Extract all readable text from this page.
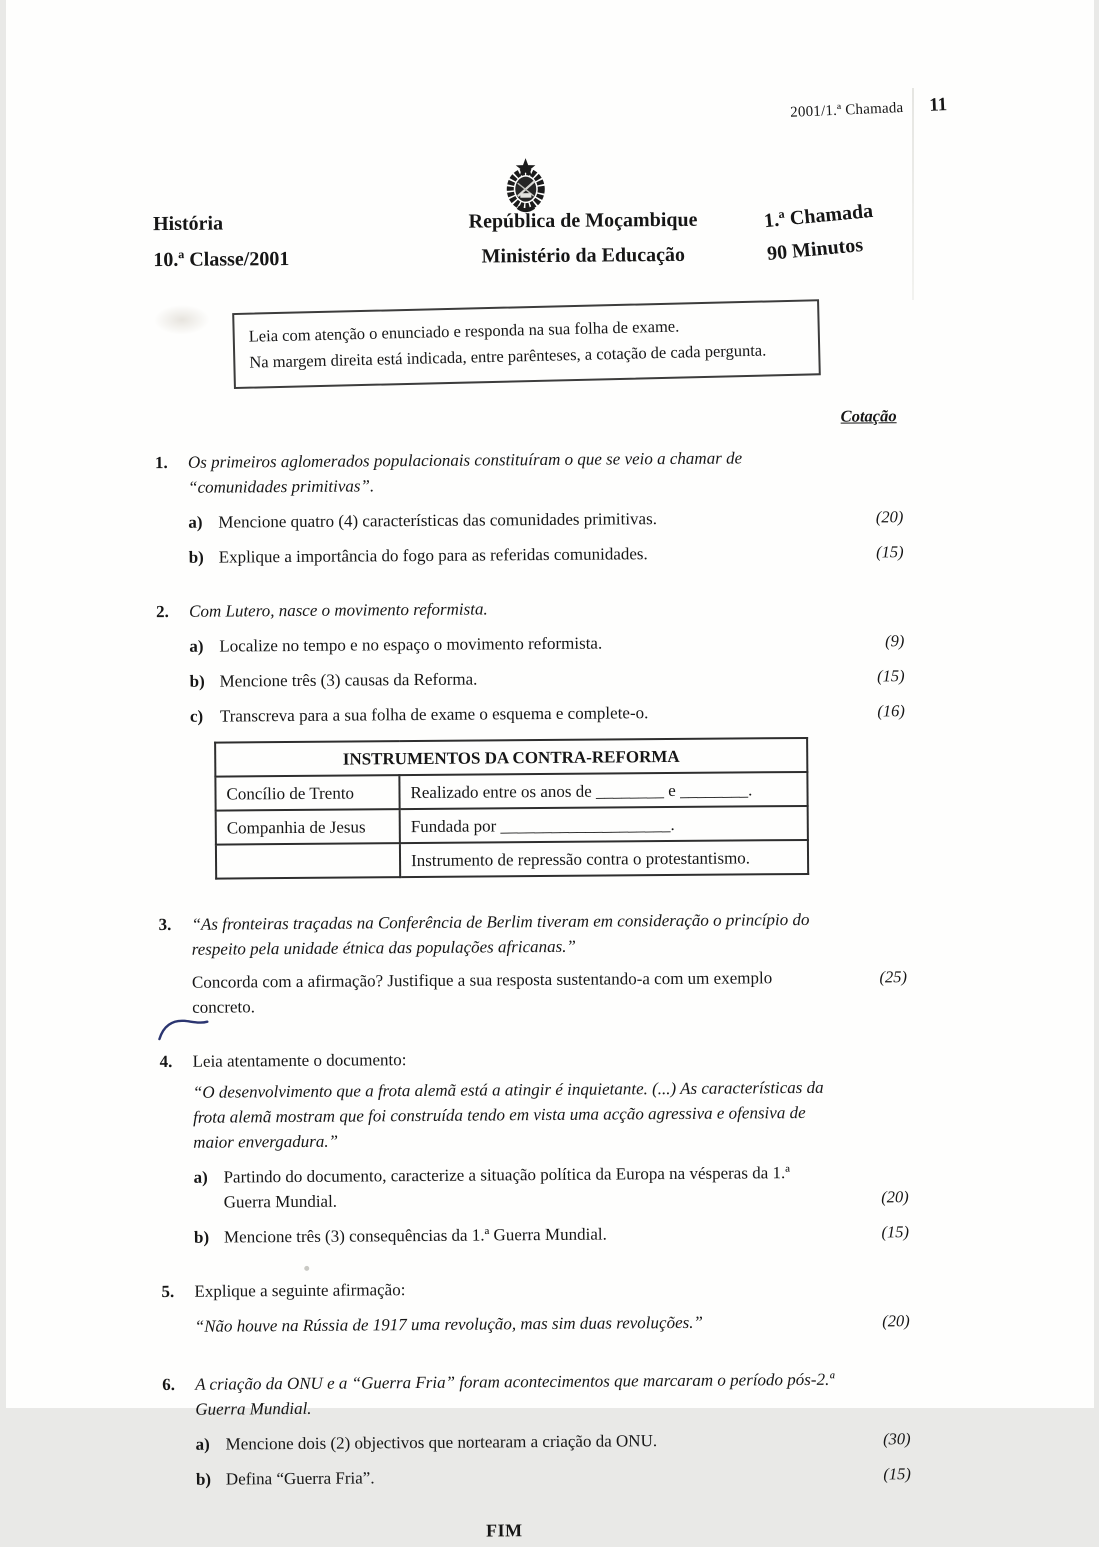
2001/1.ª Chamada 11
História
10.ª Classe/2001
República de Moçambique
Ministério da Educação
1.ª Chamada
90 Minutos
Leia com atenção o enunciado e responda na sua folha de exame.
Na margem direita está indicada, entre parênteses, a cotação de cada pergunta.
Cotação
1.	Os primeiros aglomerados populacionais constituíram o que se veio a chamar de “comunidades primitivas”.

a) Mencione quatro (4) características das comunidades primitivas.	(20)
b) Explique a importância do fogo para as referidas comunidades.	(15)
2.	Com Lutero, nasce o movimento reformista.

a) Localize no tempo e no espaço o movimento reformista.	(9)
b) Mencione três (3) causas da Reforma.	(15)
c) Transcreva para a sua folha de exame o esquema e complete-o.	(16)
INSTRUMENTOS DA CONTRA-REFORMA	
Concílio de Trento	Realizado entre os anos de ________ e ________.
Companhia de Jesus	Fundada por ____________________.
	Instrumento de repressão contra o protestantismo.
3.	“As fronteiras traçadas na Conferência de Berlim tiveram em consideração o princípio do respeito pela unidade étnica das populações africanas.”

Concorda com a afirmação? Justifique a sua resposta sustentando-a com um exemplo concreto.
(25)
4.	Leia atentamente o documento:

“O desenvolvimento que a frota alemã está a atingir é inquietante. (...) As características da frota alemã mostram que foi construída tendo em vista uma acção agressiva e ofensiva de maior envergadura.”

a) Partindo do documento, caracterize a situação política da Europa na vésperas da 1.ª Guerra Mundial.	(20)
b) Mencione três (3) consequências da 1.ª Guerra Mundial.	(15)
5.	Explique a seguinte afirmação:

“Não houve na Rússia de 1917 uma revolução, mas sim duas revoluções.”	(20)
6.	A criação da ONU e a “Guerra Fria” foram acontecimentos que marcaram o período pós-2.ª Guerra Mundial.

a) Mencione dois (2) objectivos que nortearam a criação da ONU.	(30)
b) Defina “Guerra Fria”.	(15)
FIM
